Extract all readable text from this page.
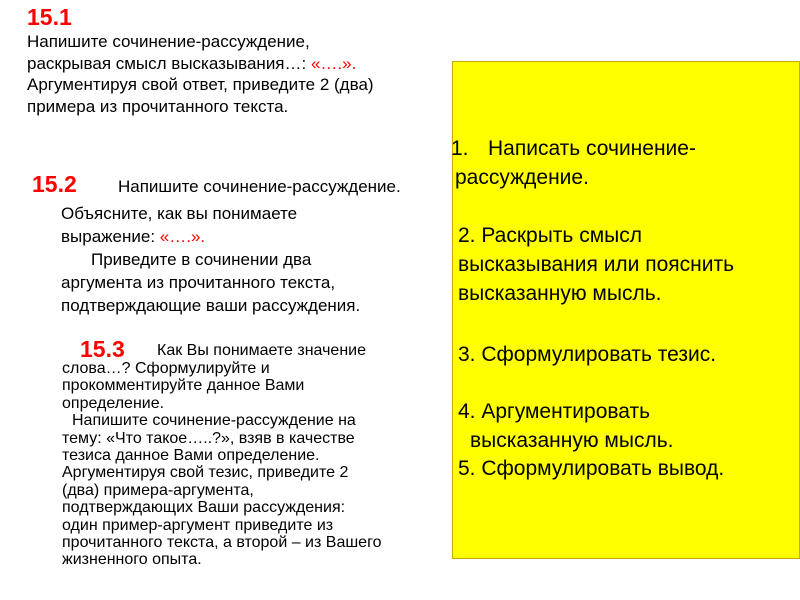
15.1
Напишите сочинение-рассуждение,
раскрывая смысл высказывания…: «….».
Аргументируя свой ответ, приведите 2 (два)
примера из прочитанного текста.
15.2 Напишите сочинение-рассуждение.
Объясните, как вы понимаете
выражение: «….».
Приведите в сочинении два
аргумента из прочитанного текста,
подтверждающие ваши рассуждения.
15.3 Как Вы понимаете значение
слова…? Сформулируйте и
прокомментируйте данное Вами
определение.
Напишите сочинение-рассуждение на
тему: «Что такое…..?», взяв в качестве
тезиса данное Вами определение.
Аргументируя свой тезис, приведите 2
(два) примера-аргумента,
подтверждающих Ваши рассуждения:
один пример-аргумент приведите из
прочитанного текста, а второй – из Вашего
жизненного опыта.
1. Написать сочинение-
рассуждение.
2. Раскрыть смысл
высказывания или пояснить
высказанную мысль.
3. Сформулировать тезис.
4. Аргументировать
высказанную мысль.
5. Сформулировать вывод.
